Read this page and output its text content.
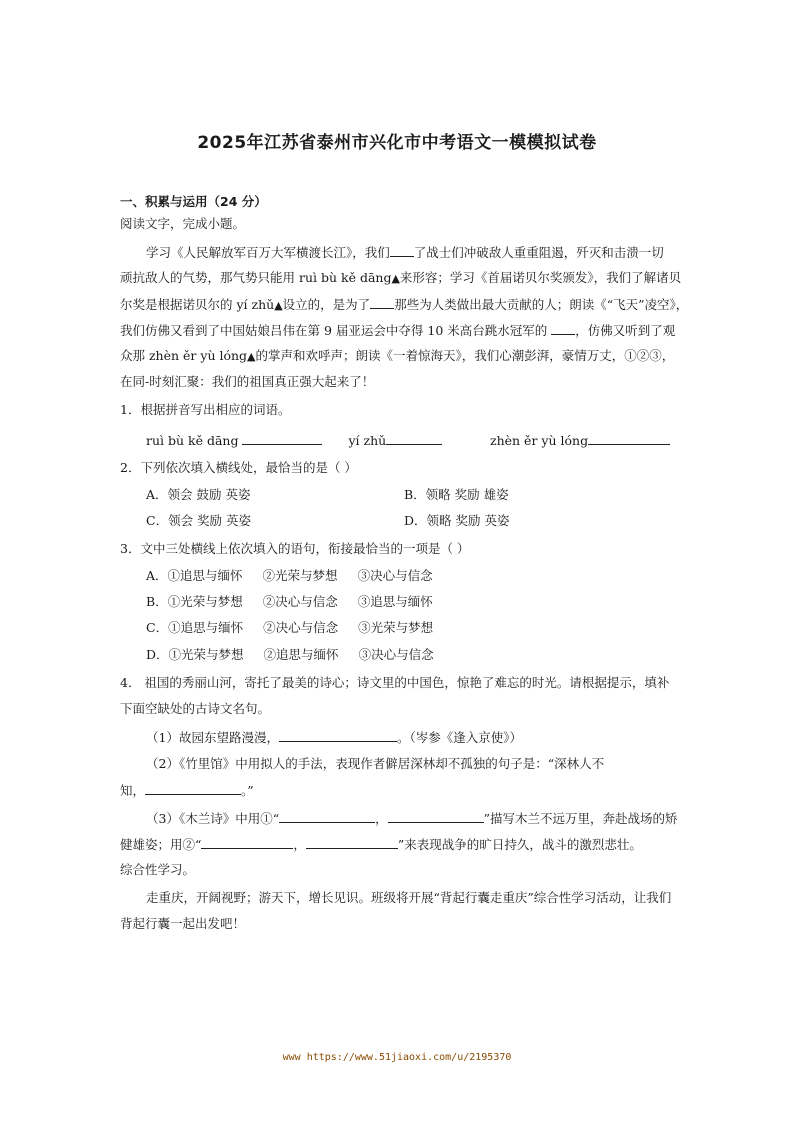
2025年江苏省泰州市兴化市中考语文一模模拟试卷
一、积累与运用（24 分）
阅读文字，完成小题。
学习《人民解放军百万大军横渡长江》，我们 了战士们冲破敌人重重阻遏，歼灭和击溃一切
顽抗敌人的气势，那气势只能用 ruì bù kě dāng▲来形容；学习《首届诺贝尔奖颁发》，我们了解诸贝
尔奖是根据诺贝尔的 yí zhǔ▲设立的，是为了 那些为人类做出最大贡献的人；朗读《“飞天”凌空》，
我们仿佛又看到了中国姑娘吕伟在第 9 届亚运会中夺得 10 米高台跳水冠军的 ，仿佛又听到了观
众那 zhèn ěr yù lóng▲的掌声和欢呼声；朗读《一着惊海天》，我们心潮彭湃，豪情万丈，①②③，
在同-时刻汇聚：我们的祖国真正强大起来了！
1．根据拼音写出相应的词语。
ruì bù kě dāng	yí zhǔ	zhèn ěr yù lóng
2．下列依次填入横线处，最恰当的是（ ）
A．领会 鼓励 英姿	B．领略 奖励 雄姿
C．领会 奖励 英姿	D．领略 奖励 英姿
3．文中三处横线上依次填入的语句，衔接最恰当的一项是（ ）
A．①追思与缅怀 ②光荣与梦想 ③决心与信念
B．①光荣与梦想 ②决心与信念 ③追思与缅怀
C．①追思与缅怀 ②决心与信念 ③光荣与梦想
D．①光荣与梦想 ②追思与缅怀 ③决心与信念
4． 祖国的秀丽山河，寄托了最美的诗心；诗文里的中国色，惊艳了难忘的时光。请根据提示，填补
下面空缺处的古诗文名句。
（1）故园东望路漫漫，	。（岑参《逢入京使》）
（2）《竹里馆》中用拟人的手法，表现作者僻居深林却不孤独的句子是：“深林人不
知，	。”
（3）《木兰诗》中用①“	，	”描写木兰不远万里，奔赴战场的矫
健雄姿；用②“	，	”来表现战争的旷日持久，战斗的激烈悲壮。
综合性学习。
走重庆，开阔视野；游天下，增长见识。班级将开展“背起行囊走重庆”综合性学习活动，让我们
背起行囊一起出发吧！
www https://www.51jiaoxi.com/u/2195370
